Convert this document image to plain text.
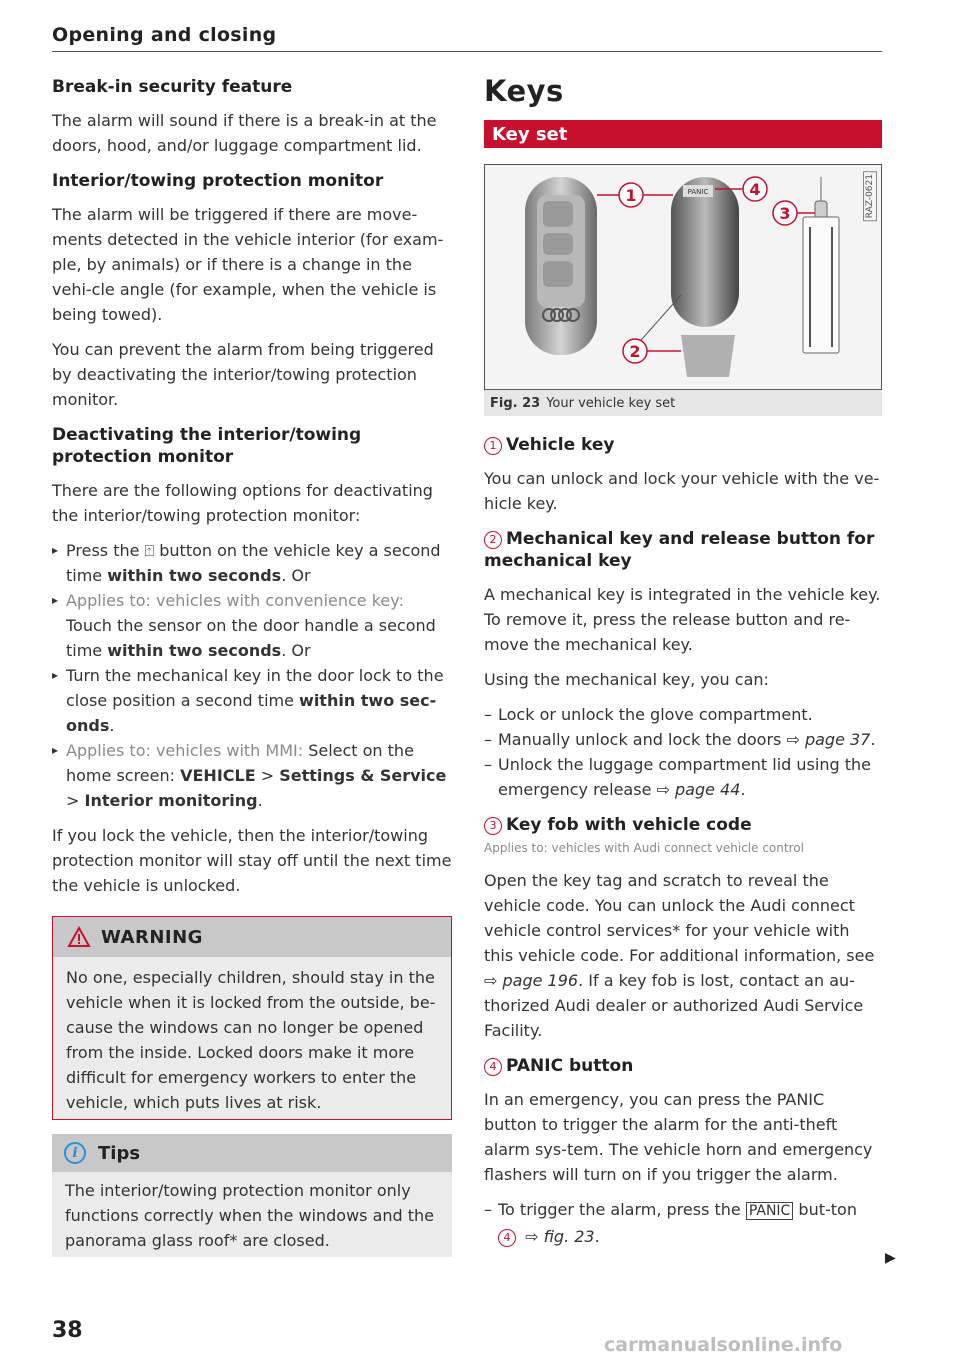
Opening and closing
Break-in security feature

The alarm will sound if there is a break-in at the doors, hood, and/or luggage compartment lid.

Interior/towing protection monitor

The alarm will be triggered if there are move-ments detected in the vehicle interior (for exam-ple, by animals) or if there is a change in the vehi-cle angle (for example, when the vehicle is being towed).

You can prevent the alarm from being triggered by deactivating the interior/towing protection monitor.

Deactivating the interior/towing protection monitor

There are the following options for deactivating the interior/towing protection monitor:

▸ Press the ⍐ button on the vehicle key a second time within two seconds. Or
▸ Applies to: vehicles with convenience key: Touch the sensor on the door handle a second time within two seconds. Or
▸ Turn the mechanical key in the door lock to the close position a second time within two sec-onds.
▸ Applies to: vehicles with MMI: Select on the home screen: VEHICLE > Settings & Service > Interior monitoring.

If you lock the vehicle, then the interior/towing protection monitor will stay off until the next time the vehicle is unlocked.

WARNING
No one, especially children, should stay in the vehicle when it is locked from the outside, be-cause the windows can no longer be opened from the inside. Locked doors make it more difficult for emergency workers to enter the vehicle, which puts lives at risk.
i	Tips
The interior/towing protection monitor only functions correctly when the windows and the panorama glass roof* are closed.
Keys
Key set
PANIC
1
2
3
4	RAZ-0621
Fig. 23 Your vehicle key set
1 Vehicle key

You can unlock and lock your vehicle with the ve-hicle key.

2 Mechanical key and release button for mechanical key

A mechanical key is integrated in the vehicle key. To remove it, press the release button and re-move the mechanical key.

Using the mechanical key, you can:

– Lock or unlock the glove compartment.
– Manually unlock and lock the doors ⇨ page 37.
– Unlock the luggage compartment lid using the emergency release ⇨ page 44.
3 Key fob with vehicle code
Applies to: vehicles with Audi connect vehicle control

Open the key tag and scratch to reveal the vehicle code. You can unlock the Audi connect vehicle control services* for your vehicle with this vehicle code. For additional information, see ⇨ page 196. If a key fob is lost, contact an au-thorized Audi dealer or authorized Audi Service Facility.

4 PANIC button

In an emergency, you can press the PANIC button to trigger the alarm for the anti-theft alarm sys-tem. The vehicle horn and emergency flashers will turn on if you trigger the alarm.

– To trigger the alarm, press the PANIC but-ton 4 ⇨ fig. 23.
▶
38
carmanualsonline.info
